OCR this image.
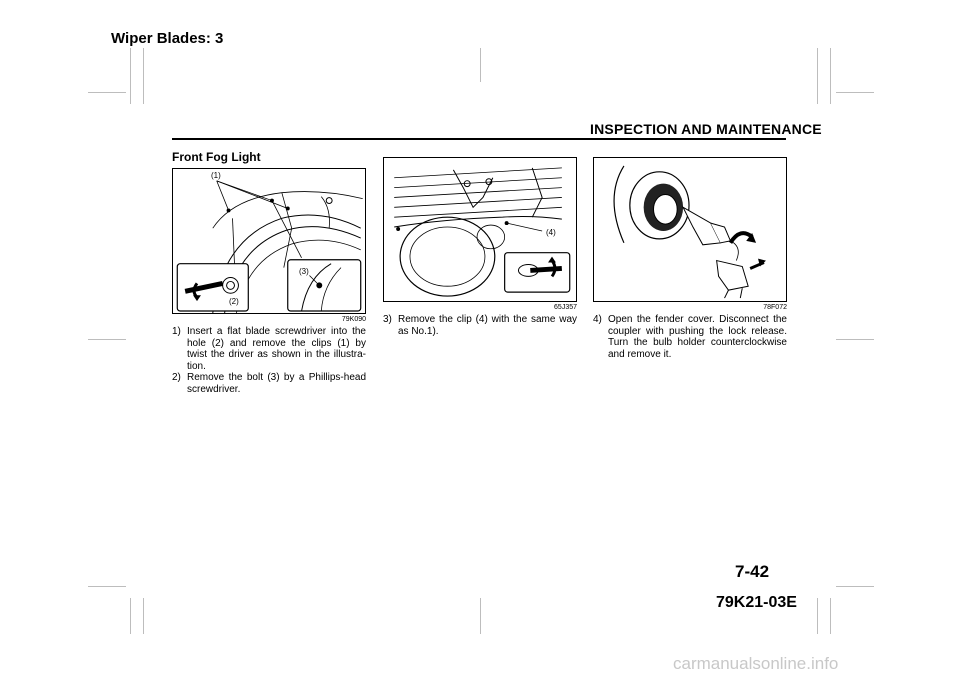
Wiper Blades: 3
INSPECTION AND MAINTENANCE
7-42
79K21-03E
carmanualsonline.info
Front Fog Light
(1)
(2)
(3)
79K090
1) Insert a flat blade screwdriver into the hole (2) and remove the clips (1) by twist the driver as shown in the illustra-tion.
2) Remove the bolt (3) by a Phillips-head screwdriver.
(4)
65J357
3) Remove the clip (4) with the same way as No.1).
78F072
4) Open the fender cover. Disconnect the coupler with pushing the lock release. Turn the bulb holder counterclockwise and remove it.
